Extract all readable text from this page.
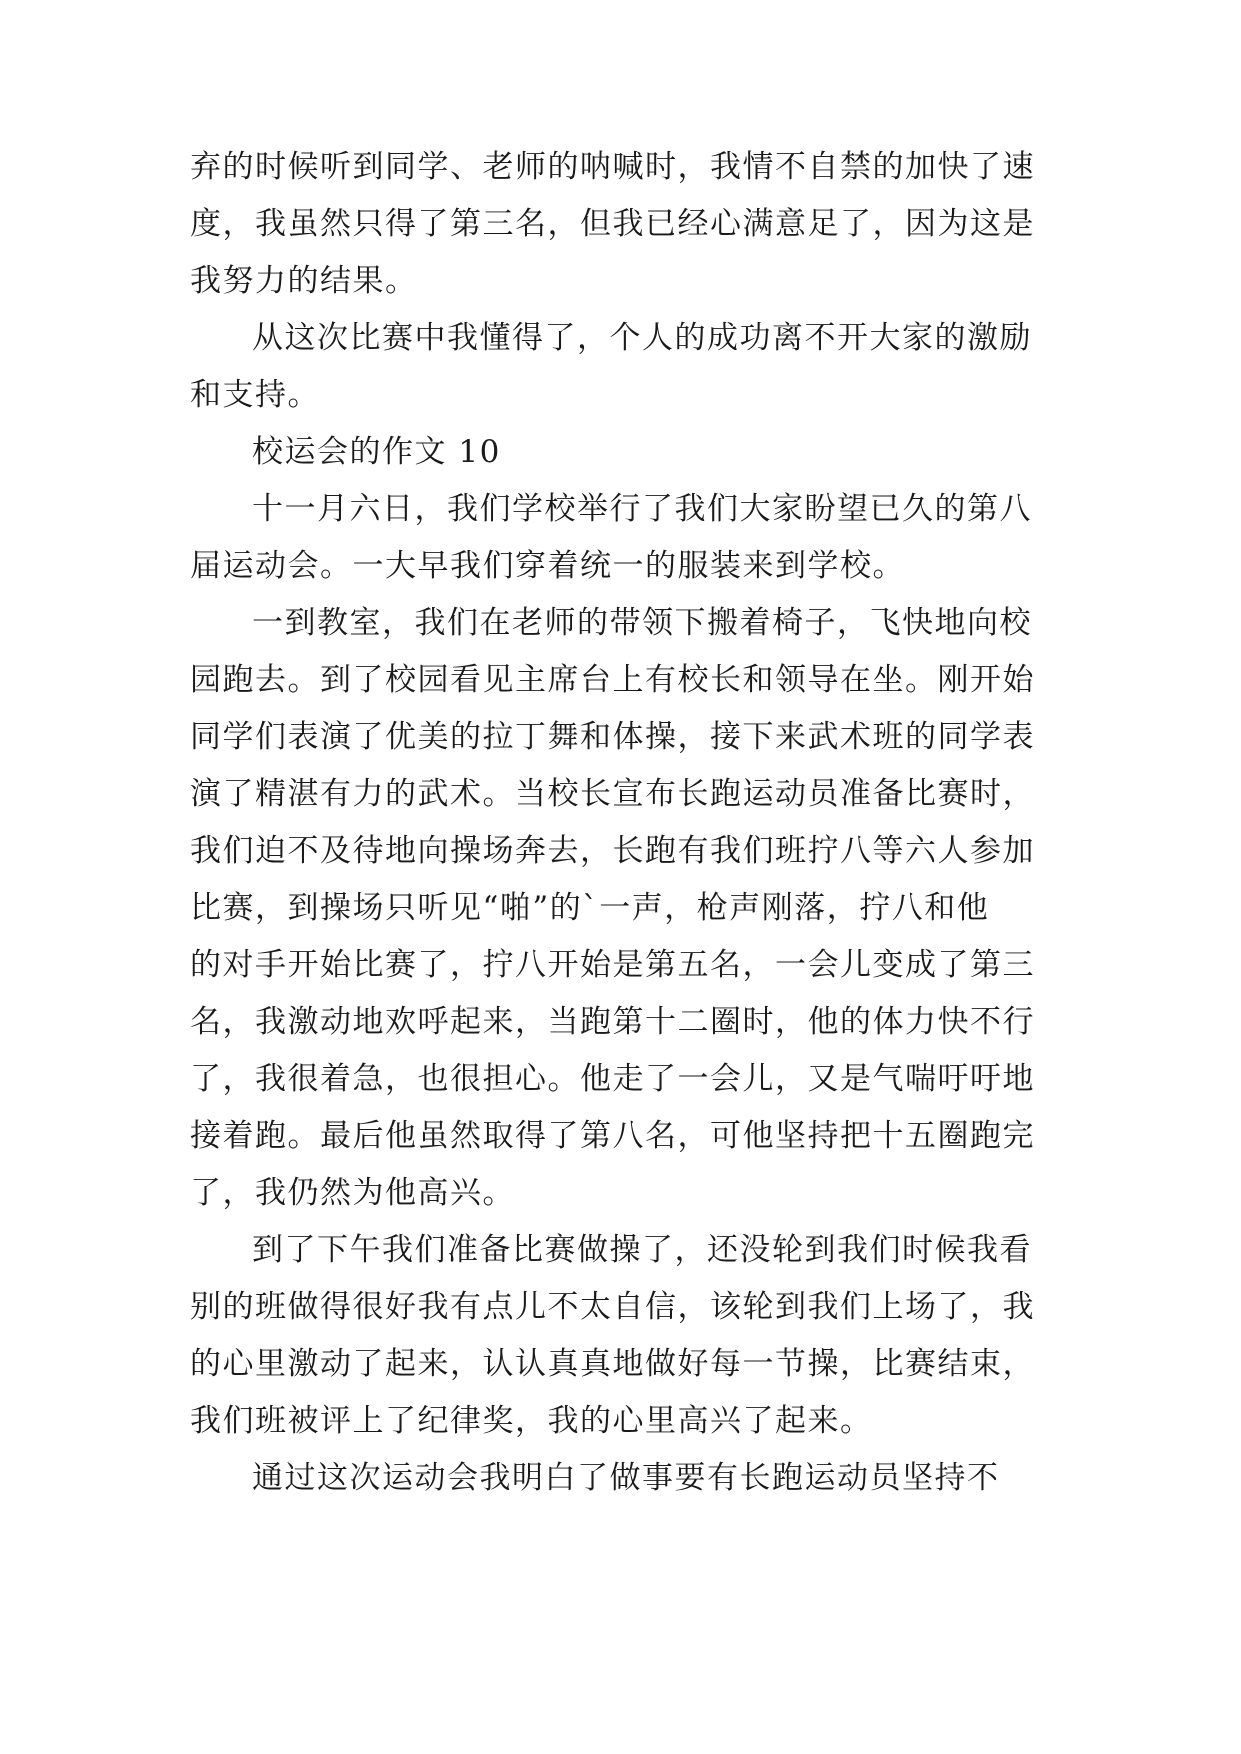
弃的时候听到同学、老师的呐喊时，我情不自禁的加快了速
度，我虽然只得了第三名，但我已经心满意足了，因为这是
我努力的结果。
从这次比赛中我懂得了，个人的成功离不开大家的激励
和支持。
校运会的作文 10
十一月六日，我们学校举行了我们大家盼望已久的第八
届运动会。一大早我们穿着统一的服装来到学校。
一到教室，我们在老师的带领下搬着椅子，飞快地向校
园跑去。到了校园看见主席台上有校长和领导在坐。刚开始
同学们表演了优美的拉丁舞和体操，接下来武术班的同学表
演了精湛有力的武术。当校长宣布长跑运动员准备比赛时，
我们迫不及待地向操场奔去，长跑有我们班拧八等六人参加
比赛，到操场只听见“啪”的`一声，枪声刚落，拧八和他
的对手开始比赛了，拧八开始是第五名，一会儿变成了第三
名，我激动地欢呼起来，当跑第十二圈时，他的体力快不行
了，我很着急，也很担心。他走了一会儿，又是气喘吁吁地
接着跑。最后他虽然取得了第八名，可他坚持把十五圈跑完
了，我仍然为他高兴。
到了下午我们准备比赛做操了，还没轮到我们时候我看
别的班做得很好我有点儿不太自信，该轮到我们上场了，我
的心里激动了起来，认认真真地做好每一节操，比赛结束，
我们班被评上了纪律奖，我的心里高兴了起来。
通过这次运动会我明白了做事要有长跑运动员坚持不
